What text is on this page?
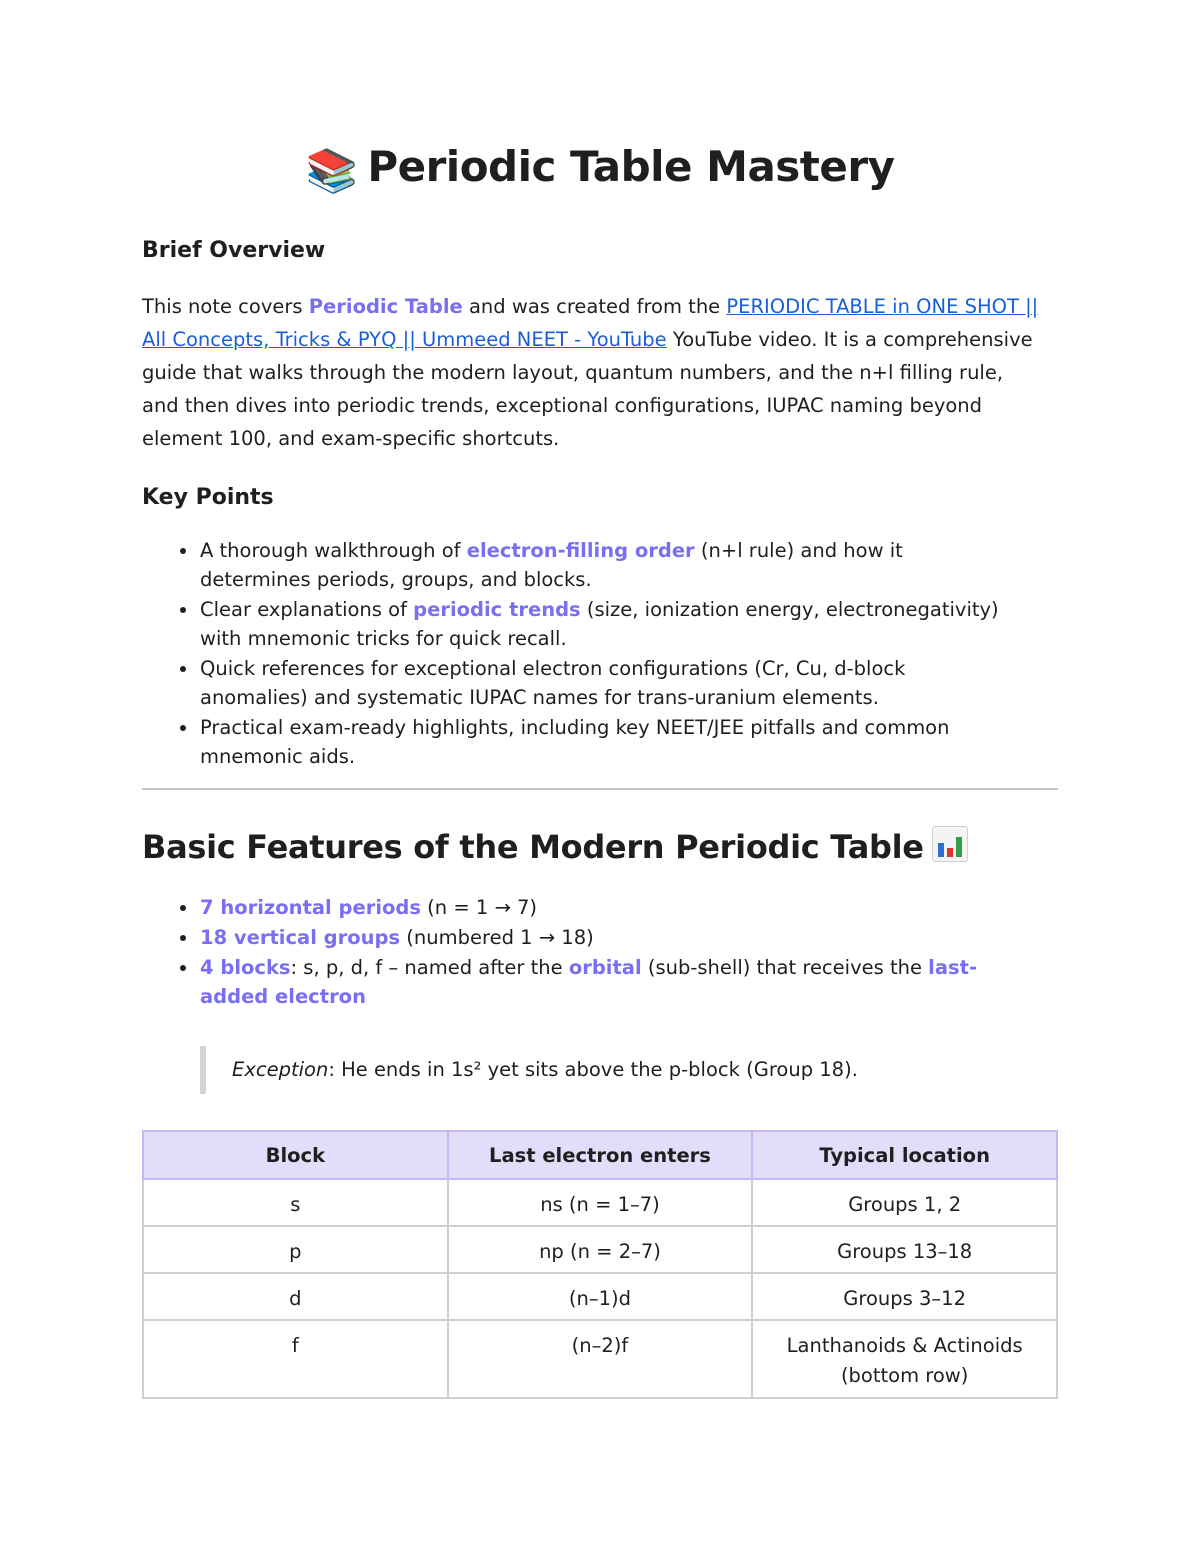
📚 Periodic Table Mastery
Brief Overview
This note covers Periodic Table and was created from the PERIODIC TABLE in ONE SHOT || All Concepts, Tricks & PYQ || Ummeed NEET - YouTube YouTube video. It is a comprehensive guide that walks through the modern layout, quantum numbers, and the n+l filling rule, and then dives into periodic trends, exceptional configurations, IUPAC naming beyond element 100, and exam-specific shortcuts.
Key Points
A thorough walkthrough of electron-filling order (n+l rule) and how it determines periods, groups, and blocks.
Clear explanations of periodic trends (size, ionization energy, electronegativity) with mnemonic tricks for quick recall.
Quick references for exceptional electron configurations (Cr, Cu, d-block anomalies) and systematic IUPAC names for trans-uranium elements.
Practical exam-ready highlights, including key NEET/JEE pitfalls and common mnemonic aids.
Basic Features of the Modern Periodic Table
7 horizontal periods (n = 1 → 7)
18 vertical groups (numbered 1 → 18)
4 blocks: s, p, d, f – named after the orbital (sub-shell) that receives the last-added electron
Exception: He ends in 1s² yet sits above the p-block (Group 18).
Block	Last electron enters	Typical location
s	ns (n = 1–7)	Groups 1, 2
p	np (n = 2–7)	Groups 13–18
d	(n–1)d	Groups 3–12
f	(n–2)f	Lanthanoids & Actinoids (bottom row)
